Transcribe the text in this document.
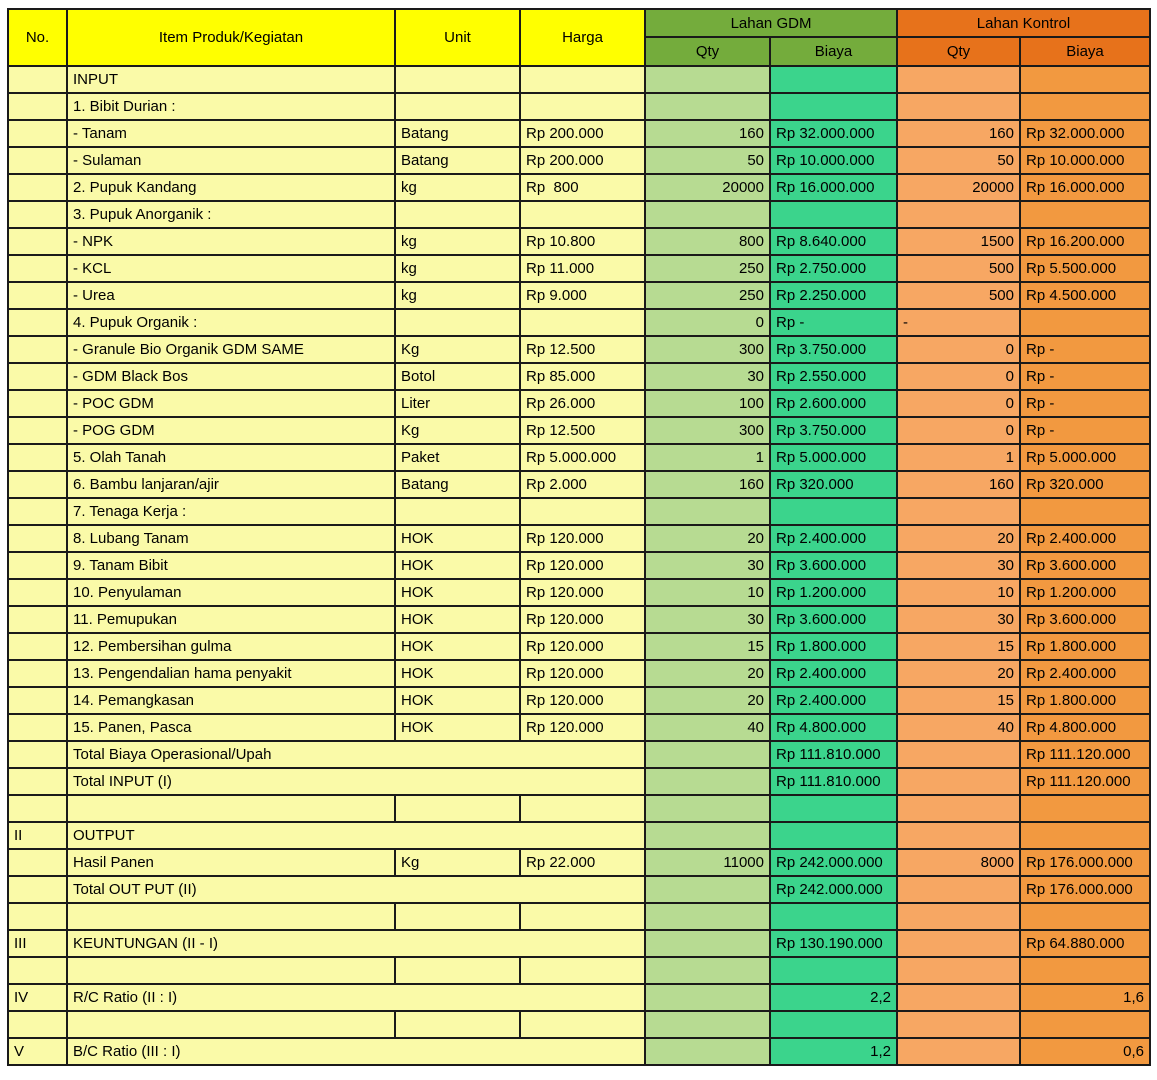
No.	Item Produk/Kegiatan	Unit	Harga	Lahan GDM		Lahan Kontrol	
				Qty	Biaya	Qty	Biaya
	INPUT						
	1. Bibit Durian :						
	- Tanam	Batang	Rp 200.000	160	Rp 32.000.000	160	Rp 32.000.000
	- Sulaman	Batang	Rp 200.000	50	Rp 10.000.000	50	Rp 10.000.000
	2. Pupuk Kandang	kg	Rp  800	20000	Rp 16.000.000	20000	Rp 16.000.000
	3. Pupuk Anorganik :						
	- NPK	kg	Rp 10.800	800	Rp 8.640.000	1500	Rp 16.200.000
	- KCL	kg	Rp 11.000	250	Rp 2.750.000	500	Rp 5.500.000
	- Urea	kg	Rp 9.000	250	Rp 2.250.000	500	Rp 4.500.000
	4. Pupuk Organik :			0	Rp -	-	
	- Granule Bio Organik GDM SAME	Kg	Rp 12.500	300	Rp 3.750.000	0	Rp -
	- GDM Black Bos	Botol	Rp 85.000	30	Rp 2.550.000	0	Rp -
	- POC GDM	Liter	Rp 26.000	100	Rp 2.600.000	0	Rp -
	- POG GDM	Kg	Rp 12.500	300	Rp 3.750.000	0	Rp -
	5. Olah Tanah	Paket	Rp 5.000.000	1	Rp 5.000.000	1	Rp 5.000.000
	6. Bambu lanjaran/ajir	Batang	Rp 2.000	160	Rp 320.000	160	Rp 320.000
	7. Tenaga Kerja :						
	8. Lubang Tanam	HOK	Rp 120.000	20	Rp 2.400.000	20	Rp 2.400.000
	9. Tanam Bibit	HOK	Rp 120.000	30	Rp 3.600.000	30	Rp 3.600.000
	10. Penyulaman	HOK	Rp 120.000	10	Rp 1.200.000	10	Rp 1.200.000
	11. Pemupukan	HOK	Rp 120.000	30	Rp 3.600.000	30	Rp 3.600.000
	12. Pembersihan gulma	HOK	Rp 120.000	15	Rp 1.800.000	15	Rp 1.800.000
	13. Pengendalian hama penyakit	HOK	Rp 120.000	20	Rp 2.400.000	20	Rp 2.400.000
	14. Pemangkasan	HOK	Rp 120.000	20	Rp 2.400.000	15	Rp 1.800.000
	15. Panen, Pasca	HOK	Rp 120.000	40	Rp 4.800.000	40	Rp 4.800.000
	Total Biaya Operasional/Upah				Rp 111.810.000		Rp 111.120.000
	Total INPUT (I)				Rp 111.810.000		Rp 111.120.000

II	OUTPUT						
	Hasil Panen	Kg	Rp 22.000	11000	Rp 242.000.000	8000	Rp 176.000.000
	Total OUT PUT (II)				Rp 242.000.000		Rp 176.000.000

III	KEUNTUNGAN (II - I)				Rp 130.190.000		Rp 64.880.000

IV	R/C Ratio (II : I)				2,2		1,6

V	B/C Ratio (III : I)				1,2		0,6
